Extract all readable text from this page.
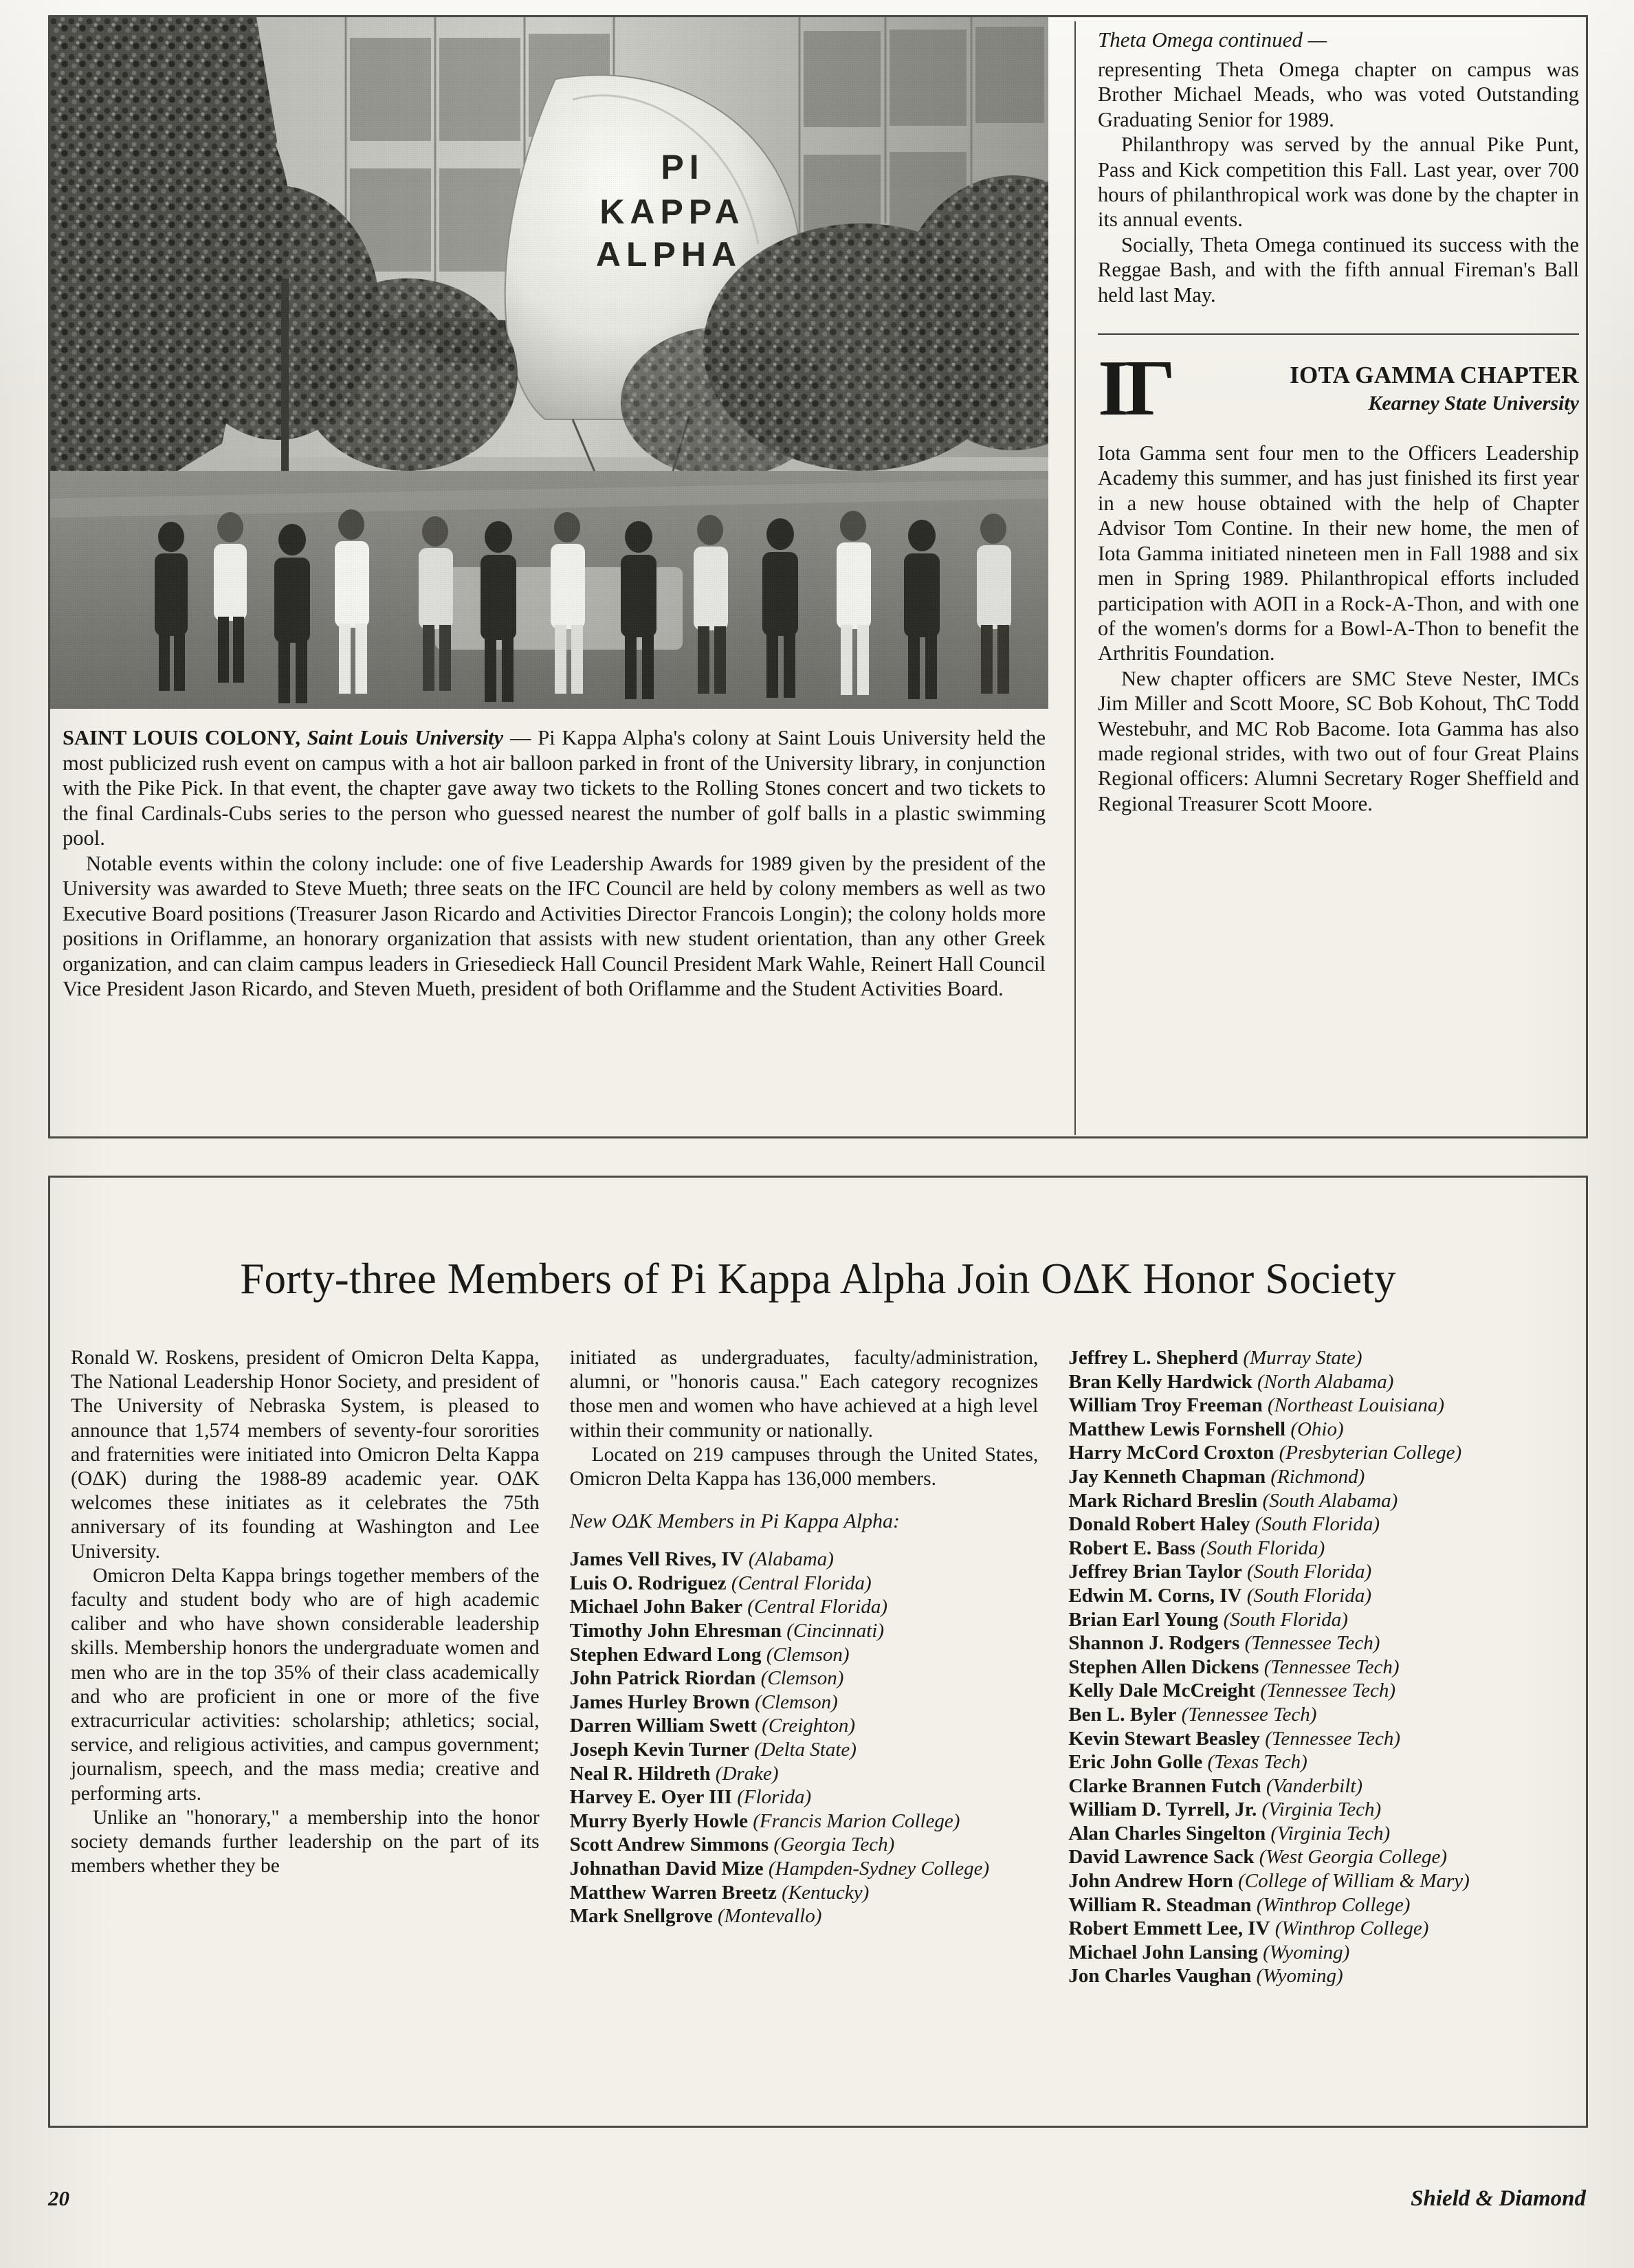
SAINT LOUIS COLONY, Saint Louis University — Pi Kappa Alpha's colony at Saint Louis University held the most publicized rush event on campus with a hot air balloon parked in front of the University library, in conjunction with the Pike Pick. In that event, the chapter gave away two tickets to the Rolling Stones concert and two tickets to the final Cardinals-Cubs series to the person who guessed nearest the number of golf balls in a plastic swimming pool.

Notable events within the colony include: one of five Leadership Awards for 1989 given by the president of the University was awarded to Steve Mueth; three seats on the IFC Council are held by colony members as well as two Executive Board positions (Treasurer Jason Ricardo and Activities Director Francois Longin); the colony holds more positions in Oriflamme, an honorary organization that assists with new student orientation, than any other Greek organization, and can claim campus leaders in Griesedieck Hall Council President Mark Wahle, Reinert Hall Council Vice President Jason Ricardo, and Steven Mueth, president of both Oriflamme and the Student Activities Board.

Theta Omega continued —

representing Theta Omega chapter on campus was Brother Michael Meads, who was voted Outstanding Graduating Senior for 1989.

Philanthropy was served by the annual Pike Punt, Pass and Kick competition this Fall. Last year, over 700 hours of philanthropical work was done by the chapter in its annual events.

Socially, Theta Omega continued its success with the Reggae Bash, and with the fifth annual Fireman's Ball held last May.

ΙΓ	IOTA GAMMA CHAPTER
Kearney State University

Iota Gamma sent four men to the Officers Leadership Academy this summer, and has just finished its first year in a new house obtained with the help of Chapter Advisor Tom Contine. In their new home, the men of Iota Gamma initiated nineteen men in Fall 1988 and six men in Spring 1989. Philanthropical efforts included participation with ΑΟΠ in a Rock-A-Thon, and with one of the women's dorms for a Bowl-A-Thon to benefit the Arthritis Foundation.

New chapter officers are SMC Steve Nester, IMCs Jim Miller and Scott Moore, SC Bob Kohout, ThC Todd Westebuhr, and MC Rob Bacome. Iota Gamma has also made regional strides, with two out of four Great Plains Regional officers: Alumni Secretary Roger Sheffield and Regional Treasurer Scott Moore.

Forty-three Members of Pi Kappa Alpha Join OΔK Honor Society

Ronald W. Roskens, president of Omicron Delta Kappa, The National Leadership Honor Society, and president of The University of Nebraska System, is pleased to announce that 1,574 members of seventy-four sororities and fraternities were initiated into Omicron Delta Kappa (OΔK) during the 1988-89 academic year. OΔK welcomes these initiates as it celebrates the 75th anniversary of its founding at Washington and Lee University.

Omicron Delta Kappa brings together members of the faculty and student body who are of high academic caliber and who have shown considerable leadership skills. Membership honors the undergraduate women and men who are in the top 35% of their class academically and who are proficient in one or more of the five extracurricular activities: scholarship; athletics; social, service, and religious activities, and campus government; journalism, speech, and the mass media; creative and performing arts.

Unlike an "honorary," a membership into the honor society demands further leadership on the part of its members whether they be

initiated as undergraduates, faculty/administration, alumni, or "honoris causa." Each category recognizes those men and women who have achieved at a high level within their community or nationally.

Located on 219 campuses through the United States, Omicron Delta Kappa has 136,000 members.

New OΔK Members in Pi Kappa Alpha:
James Vell Rives, IV (Alabama)
Luis O. Rodriguez (Central Florida)
Michael John Baker (Central Florida)
Timothy John Ehresman (Cincinnati)
Stephen Edward Long (Clemson)
John Patrick Riordan (Clemson)
James Hurley Brown (Clemson)
Darren William Swett (Creighton)
Joseph Kevin Turner (Delta State)
Neal R. Hildreth (Drake)
Harvey E. Oyer III (Florida)
Murry Byerly Howle (Francis Marion College)
Scott Andrew Simmons (Georgia Tech)
Johnathan David Mize (Hampden-Sydney College)
Matthew Warren Breetz (Kentucky)
Mark Snellgrove (Montevallo)
Jeffrey L. Shepherd (Murray State)
Bran Kelly Hardwick (North Alabama)
William Troy Freeman (Northeast Louisiana)
Matthew Lewis Fornshell (Ohio)
Harry McCord Croxton (Presbyterian College)
Jay Kenneth Chapman (Richmond)
Mark Richard Breslin (South Alabama)
Donald Robert Haley (South Florida)
Robert E. Bass (South Florida)
Jeffrey Brian Taylor (South Florida)
Edwin M. Corns, IV (South Florida)
Brian Earl Young (South Florida)
Shannon J. Rodgers (Tennessee Tech)
Stephen Allen Dickens (Tennessee Tech)
Kelly Dale McCreight (Tennessee Tech)
Ben L. Byler (Tennessee Tech)
Kevin Stewart Beasley (Tennessee Tech)
Eric John Golle (Texas Tech)
Clarke Brannen Futch (Vanderbilt)
William D. Tyrrell, Jr. (Virginia Tech)
Alan Charles Singelton (Virginia Tech)
David Lawrence Sack (West Georgia College)
John Andrew Horn (College of William & Mary)
William R. Steadman (Winthrop College)
Robert Emmett Lee, IV (Winthrop College)
Michael John Lansing (Wyoming)
Jon Charles Vaughan (Wyoming)
20	Shield & Diamond
